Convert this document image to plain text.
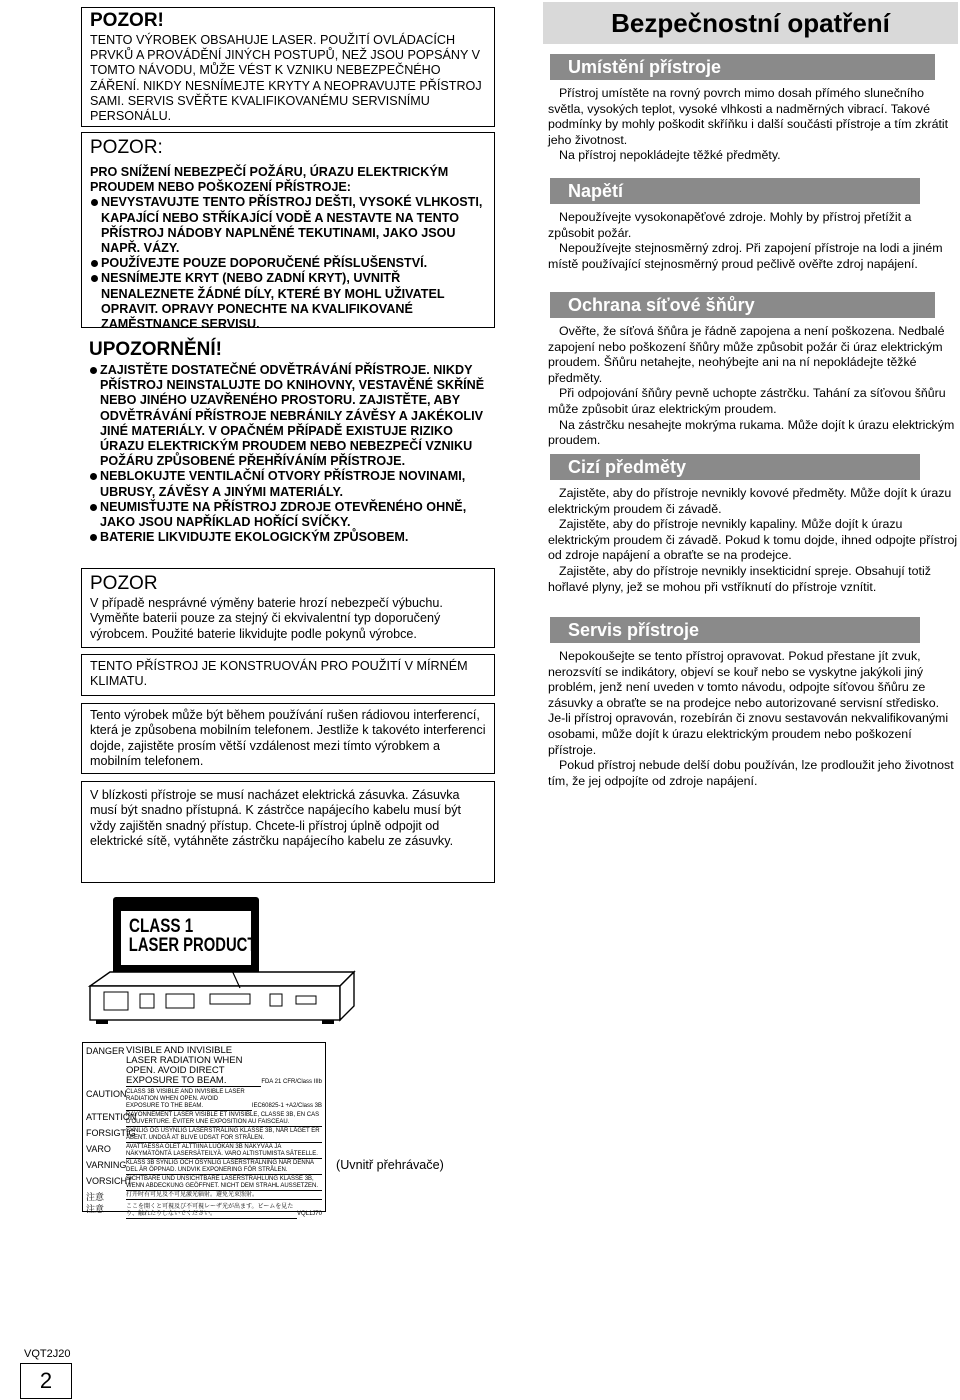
POZOR!
TENTO VÝROBEK OBSAHUJE LASER. POUŽITÍ OVLÁDACÍCH PRVKŮ A PROVÁDĚNÍ JINÝCH POSTUPŮ, NEŽ JSOU POPSÁNY V TOMTO NÁVODU, MŮŽE VÉST K VZNIKU NEBEZPEČNÉHO ZÁŘENÍ. NIKDY NESNÍMEJTE KRYTY A NEOPRAVUJTE PŘÍSTROJ SAMI. SERVIS SVĚŘTE KVALIFIKOVANÉMU SERVISNÍMU PERSONÁLU.
POZOR:
PRO SNÍŽENÍ NEBEZPEČÍ POŽÁRU, ÚRAZU ELEKTRICKÝM PROUDEM NEBO POŠKOZENÍ PŘÍSTROJE:
NEVYSTAVUJTE TENTO PŘÍSTROJ DEŠTI, VYSOKÉ VLHKOSTI, KAPAJÍCÍ NEBO STŘÍKAJÍCÍ VODĚ A NESTAVTE NA TENTO PŘÍSTROJ NÁDOBY NAPLNĚNÉ TEKUTINAMI, JAKO JSOU NAPŘ. VÁZY.
POUŽÍVEJTE POUZE DOPORUČENÉ PŘÍSLUŠENSTVÍ.
NESNÍMEJTE KRYT (NEBO ZADNÍ KRYT), UVNITŘ NENALEZNETE ŽÁDNÉ DÍLY, KTERÉ BY MOHL UŽIVATEL OPRAVIT. OPRAVY PONECHTE NA KVALIFIKOVANÉ ZAMĚSTNANCE SERVISU.
UPOZORNĚNÍ!
ZAJISTĚTE DOSTATEČNÉ ODVĚTRÁVÁNÍ PŘÍSTROJE. NIKDY PŘÍSTROJ NEINSTALUJTE DO KNIHOVNY, VESTAVĚNÉ SKŘÍNĚ NEBO JINÉHO UZAVŘENÉHO PROSTORU. ZAJISTĚTE, ABY ODVĚTRÁVÁNÍ PŘÍSTROJE NEBRÁNILY ZÁVĚSY A JAKÉKOLIV JINÉ MATERIÁLY. V OPAČNÉM PŘÍPADĚ EXISTUJE RIZIKO ÚRAZU ELEKTRICKÝM PROUDEM NEBO NEBEZPEČÍ VZNIKU POŽÁRU ZPŮSOBENÉ PŘEHŘÍVÁNÍM PŘÍSTROJE.
NEBLOKUJTE VENTILAČNÍ OTVORY PŘÍSTROJE NOVINAMI, UBRUSY, ZÁVĚSY A JINÝMI MATERIÁLY.
NEUMISŤUJTE NA PŘÍSTROJ ZDROJE OTEVŘENÉHO OHNĚ, JAKO JSOU NAPŘÍKLAD HOŘÍCÍ SVÍČKY.
BATERIE LIKVIDUJTE EKOLOGICKÝM ZPŮSOBEM.
POZOR
V případě nesprávné výměny baterie hrozí nebezpečí výbuchu. Vyměňte baterii pouze za stejný či ekvivalentní typ doporučený výrobcem. Použité baterie likvidujte podle pokynů výrobce.
TENTO PŘÍSTROJ JE KONSTRUOVÁN PRO POUŽITÍ V MÍRNÉM KLIMATU.
Tento výrobek může být během používání rušen rádiovou interferencí, která je způsobena mobilním telefonem. Jestliže k takovéto interferenci dojde, zajistěte prosím větší vzdálenost mezi tímto výrobkem a mobilním telefonem.
V blízkosti přístroje se musí nacházet elektrická zásuvka. Zásuvka musí být snadno přístupná. K zástrčce napájecího kabelu musí být vždy zajištěn snadný přístup. Chcete-li přístroj úplně odpojit od elektrické sítě, vytáhněte zástrčku napájecího kabelu ze zásuvky.
CLASS 1
LASER PRODUCT
DANGER VISIBLE AND INVISIBLE LASER RADIATION WHEN OPEN. AVOID DIRECT EXPOSURE TO BEAM.	FDA 21 CFR/Class IIIb
CAUTION CLASS 3B VISIBLE AND INVISIBLE LASER RADIATION WHEN OPEN. AVOID EXPOSURE TO THE BEAM.	IEC60825-1 +A2/Class 3B
ATTENTION
RAYONNEMENT LASER VISIBLE ET INVISIBLE, CLASSE 3B, EN CAS D'OUVERTURE. ÉVITER UNE EXPOSITION AU FAISCEAU.
FORSIGTIG
SYNLIG OG USYNLIG LASERSTRÅLING KLASSE 3B, NÅR LÅGET ER ÅBENT. UNDGÅ AT BLIVE UDSAT FOR STRÅLEN.
VARO	AVATTAESSA OLET ALTTIINA LUOKAN 3B NÄKYVÄÄ JA NÄKYMÄTÖNTÄ LASERSÄTEILYÄ. VARO ALTISTUMISTA SÄTEELLE.
VARNING KLASS 3B SYNLIG OCH OSYNLIG LASERSTRÅLNING NÄR DENNA DEL ÄR ÖPPNAD. UNDVIK EXPONERING FÖR STRÅLEN.
VORSICHT
SICHTBARE UND UNSICHTBARE LASERSTRAHLUNG KLASSE 3B, WENN ABDECKUNG GEÖFFNET. NICHT DEM STRAHL AUSSETZEN.
注意	打开时有可见及不可见激光辐射。避免光束照射。
注意	ここを開くと可視及び不可視レーザ光が出ます。ビームを見たり、触れたりしないでください。	VQL1J70
(Uvnitř přehrávače)
Bezpečnostní opatření
Umístění přístroje

Přístroj umístěte na rovný povrch mimo dosah přímého slunečního světla, vysokých teplot, vysoké vlhkosti a nadměrných vibrací. Takové podmínky by mohly poškodit skříňku i další součásti přístroje a tím zkrátit jeho životnost.

Na přístroj nepokládejte těžké předměty.

Napětí

Nepoužívejte vysokonapěťové zdroje. Mohly by přístroj přetížit a způsobit požár.

Nepoužívejte stejnosměrný zdroj. Při zapojení přístroje na lodi a jiném místě používající stejnosměrný proud pečlivě ověřte zdroj napájení.

Ochrana síťové šňůry

Ověřte, že síťová šňůra je řádně zapojena a není poškozena. Nedbalé zapojení nebo poškození šňůry může způsobit požár či úraz elektrickým proudem. Šňůru netahejte, neohýbejte ani na ní nepokládejte těžké předměty.

Při odpojování šňůry pevně uchopte zástrčku. Tahání za síťovou šňůru může způsobit úraz elektrickým proudem.

Na zástrčku nesahejte mokrýma rukama. Může dojít k úrazu elektrickým proudem.

Cizí předměty

Zajistěte, aby do přístroje nevnikly kovové předměty. Může dojít k úrazu elektrickým proudem či závadě.

Zajistěte, aby do přístroje nevnikly kapaliny. Může dojít k úrazu elektrickým proudem či závadě. Pokud k tomu dojde, ihned odpojte přístroj od zdroje napájení a obraťte se na prodejce.

Zajistěte, aby do přístroje nevnikly insekticidní spreje. Obsahují totiž hořlavé plyny, jež se mohou při vstříknutí do přístroje vznítit.

Servis přístroje

Nepokoušejte se tento přístroj opravovat. Pokud přestane jít zvuk, nerozsvítí se indikátory, objeví se kouř nebo se vyskytne jakýkoli jiný problém, jenž není uveden v tomto návodu, odpojte síťovou šňůru ze zásuvky a obraťte se na prodejce nebo autorizované servisní středisko. Je-li přístroj opravován, rozebírán či znovu sestavován nekvalifikovanými osobami, může dojít k úrazu elektrickým proudem nebo poškození přístroje.

Pokud přístroj nebude delší dobu používán, lze prodloužit jeho životnost tím, že jej odpojíte od zdroje napájení.

VQT2J20
2
